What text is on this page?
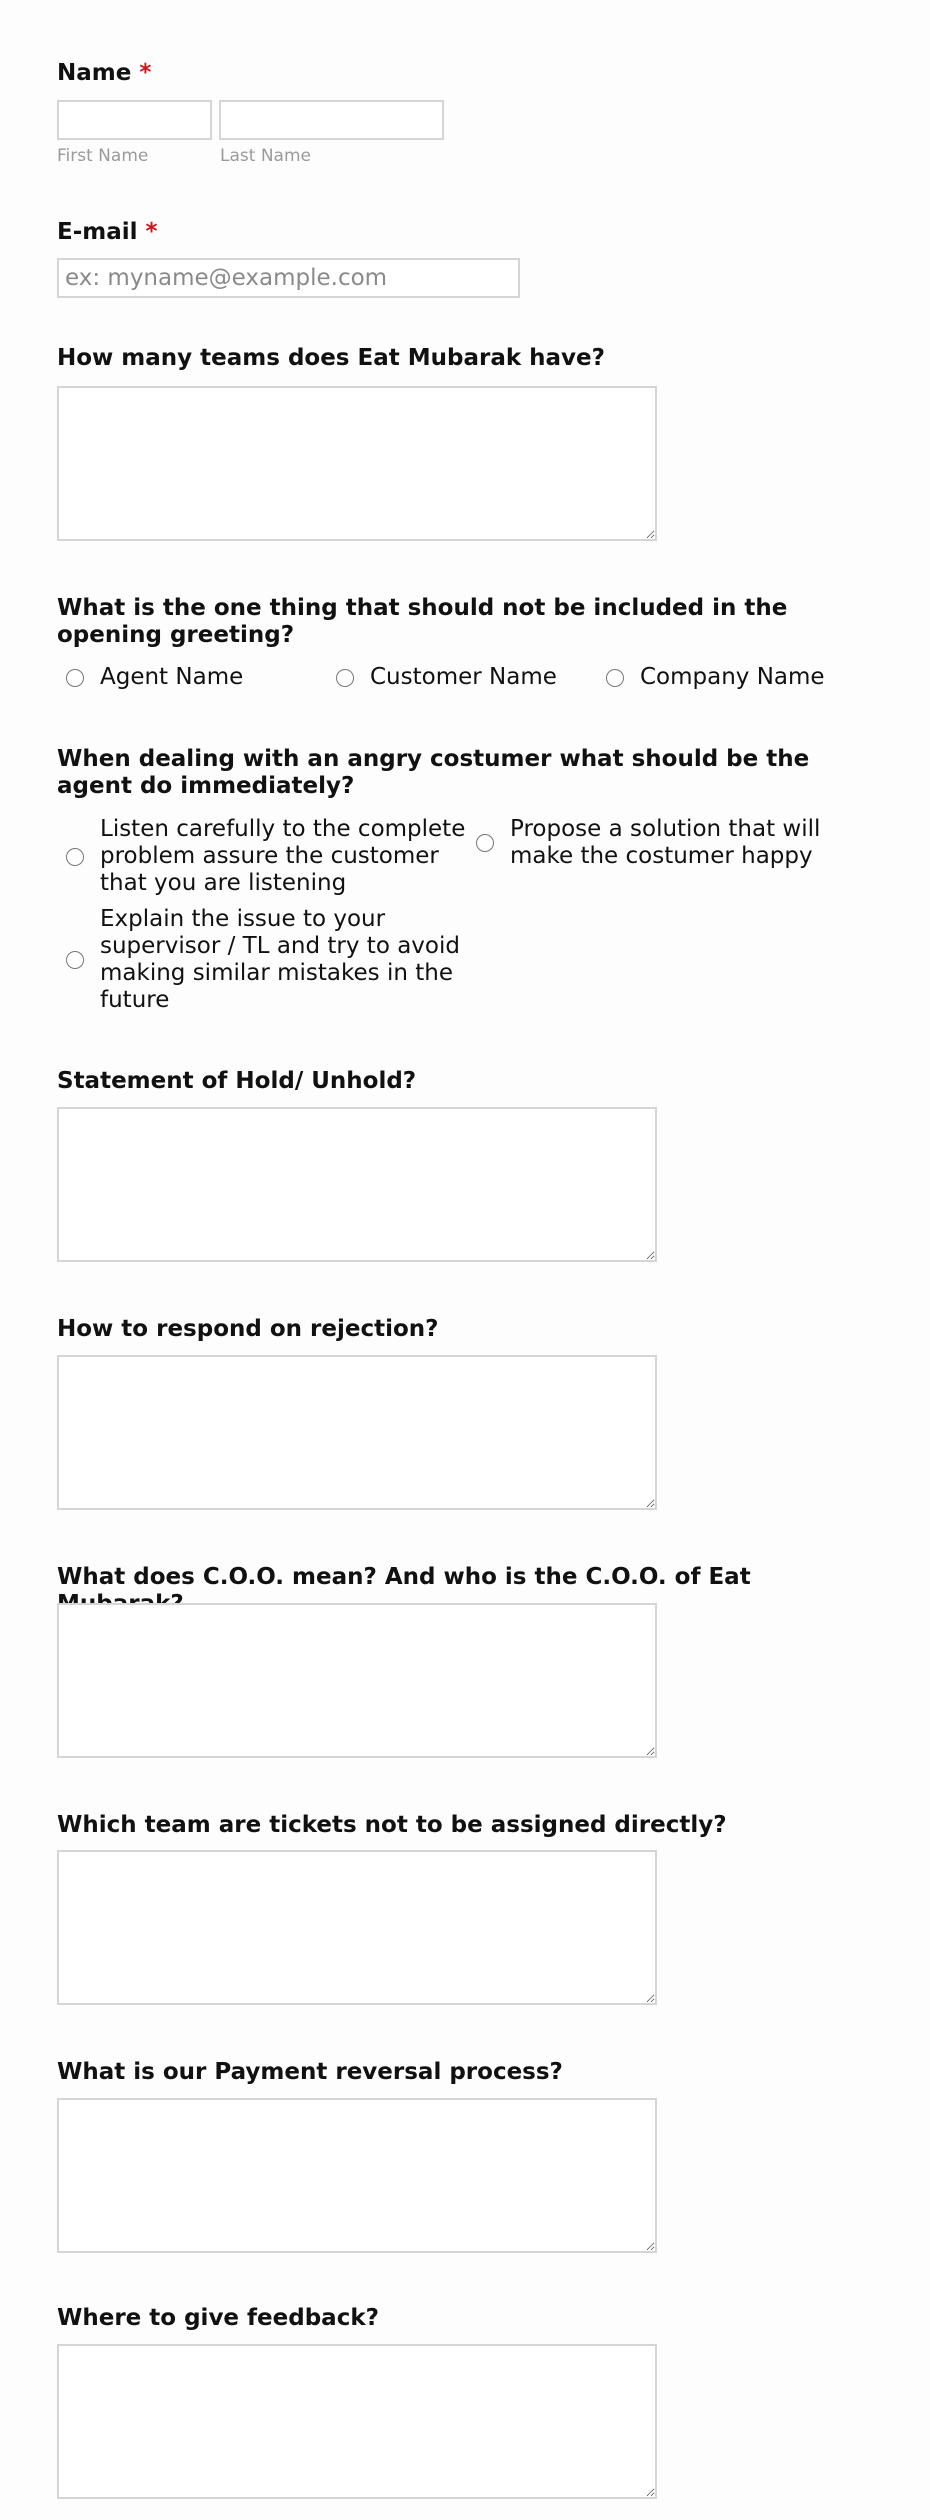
Name *
First Name	Last Name
E-mail *
ex: myname@example.com
How many teams does Eat Mubarak have?
What is the one thing that should not be included in the opening greeting?
Agent Name	Customer Name	Company Name
When dealing with an angry costumer what should be the agent do immediately?
Listen carefully to the complete problem assure the customer that you are listening
Propose a solution that will make the costumer happy
Explain the issue to your supervisor / TL and try to avoid making similar mistakes in the future
Statement of Hold/ Unhold?
How to respond on rejection?
What does C.O.O. mean? And who is the C.O.O. of Eat
Which team are tickets not to be assigned directly?
What is our Payment reversal process?
Where to give feedback?
